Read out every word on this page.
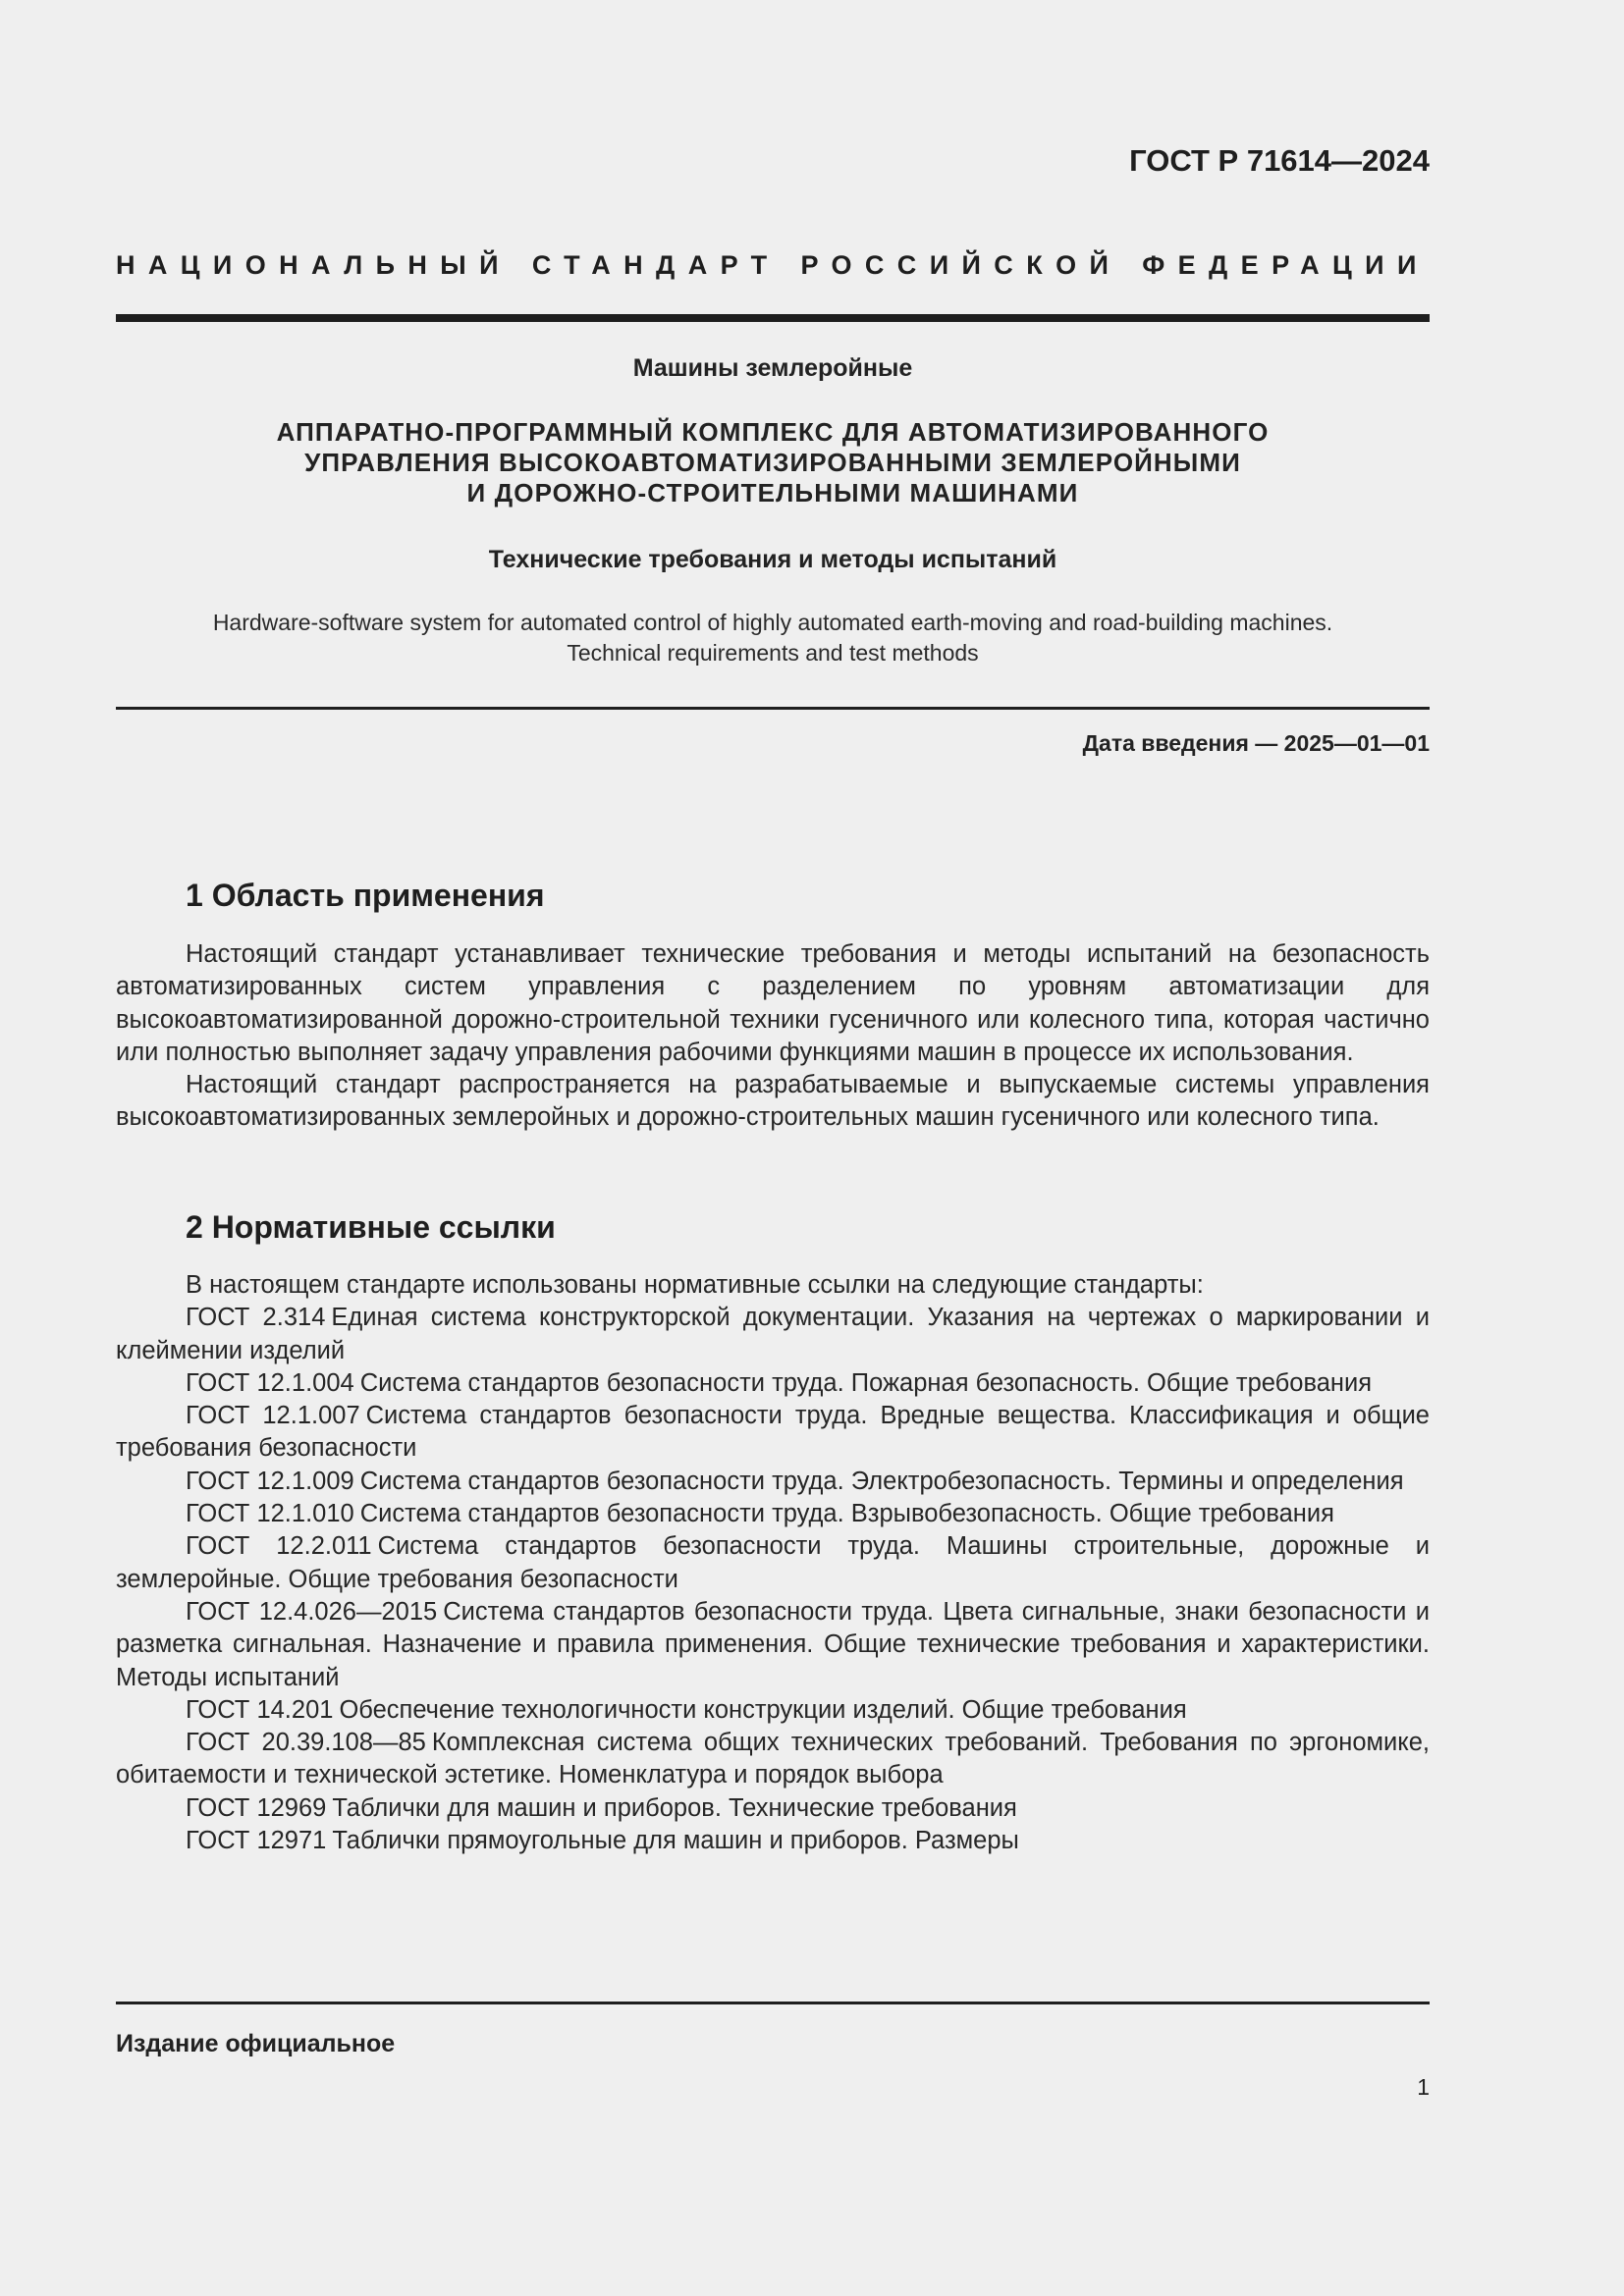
ГОСТ Р 71614—2024
НАЦИОНАЛЬНЫЙ СТАНДАРТ РОССИЙСКОЙ ФЕДЕРАЦИИ
Машины землеройные
АППАРАТНО-ПРОГРАММНЫЙ КОМПЛЕКС ДЛЯ АВТОМАТИЗИРОВАННОГО
УПРАВЛЕНИЯ ВЫСОКОАВТОМАТИЗИРОВАННЫМИ ЗЕМЛЕРОЙНЫМИ
И ДОРОЖНО-СТРОИТЕЛЬНЫМИ МАШИНАМИ
Технические требования и методы испытаний
Hardware-software system for automated control of highly automated earth-moving and road-building machines.
Technical requirements and test methods
Дата введения — 2025—01—01
1 Область применения
Настоящий стандарт устанавливает технические требования и методы испытаний на безопасность автоматизированных систем управления с разделением по уровням автоматизации для высокоавтоматизированной дорожно-строительной техники гусеничного или колесного типа, которая частично или полностью выполняет задачу управления рабочими функциями машин в процессе их использования.
Настоящий стандарт распространяется на разрабатываемые и выпускаемые системы управления высокоавтоматизированных землеройных и дорожно-строительных машин гусеничного или колесного типа.
2 Нормативные ссылки
В настоящем стандарте использованы нормативные ссылки на следующие стандарты:
ГОСТ 2.314 Единая система конструкторской документации. Указания на чертежах о маркировании и клеймении изделий
ГОСТ 12.1.004 Система стандартов безопасности труда. Пожарная безопасность. Общие требования
ГОСТ 12.1.007 Система стандартов безопасности труда. Вредные вещества. Классификация и общие требования безопасности
ГОСТ 12.1.009 Система стандартов безопасности труда. Электробезопасность. Термины и определения
ГОСТ 12.1.010 Система стандартов безопасности труда. Взрывобезопасность. Общие требования
ГОСТ 12.2.011 Система стандартов безопасности труда. Машины строительные, дорожные и землеройные. Общие требования безопасности
ГОСТ 12.4.026—2015 Система стандартов безопасности труда. Цвета сигнальные, знаки безопасности и разметка сигнальная. Назначение и правила применения. Общие технические требования и характеристики. Методы испытаний
ГОСТ 14.201 Обеспечение технологичности конструкции изделий. Общие требования
ГОСТ 20.39.108—85 Комплексная система общих технических требований. Требования по эргономике, обитаемости и технической эстетике. Номенклатура и порядок выбора
ГОСТ 12969 Таблички для машин и приборов. Технические требования
ГОСТ 12971 Таблички прямоугольные для машин и приборов. Размеры
Издание официальное
1
